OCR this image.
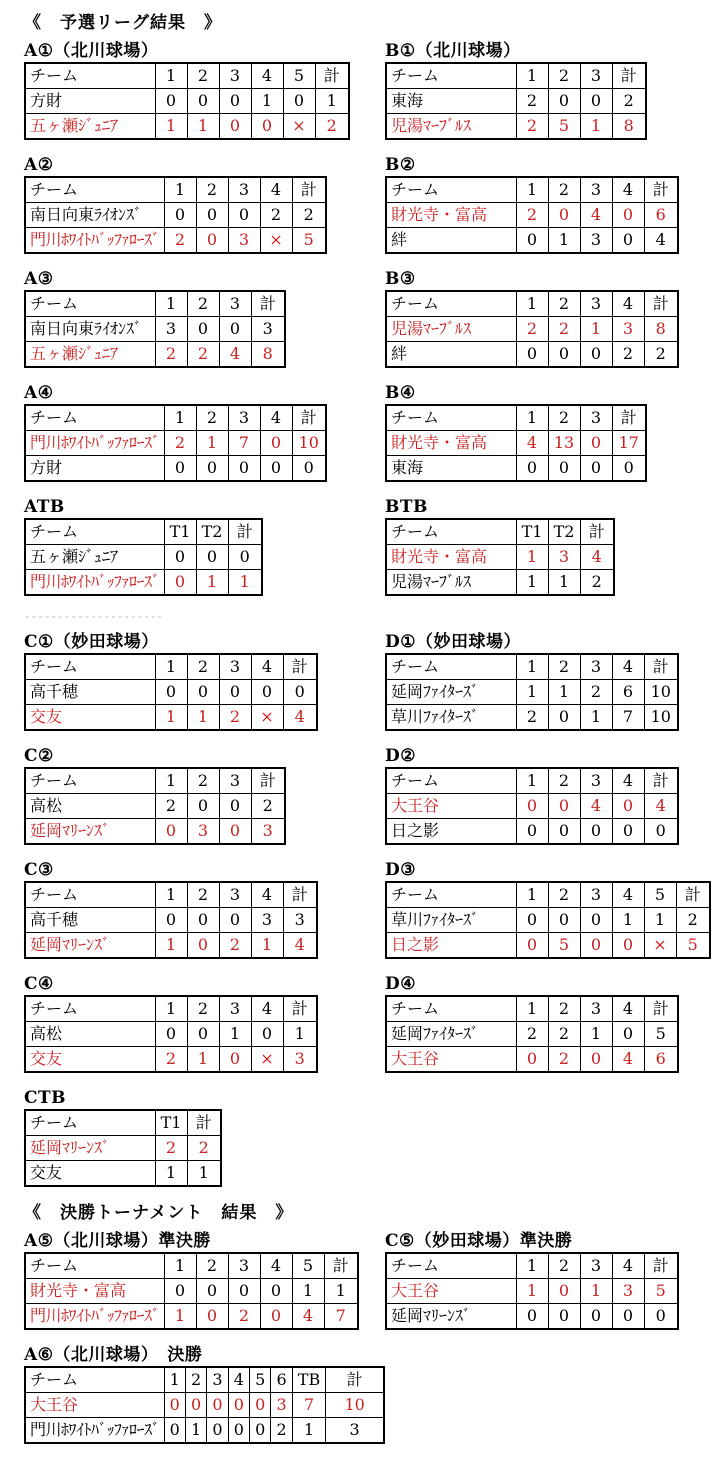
《　予選リーグ結果　》
A①（北川球場）
チーム	1	2	3	4	5	計
方財	0	0	0	1	0	1
五ヶ瀬ｼﾞｭﾆｱ	1	1	0	0	×	2
B①（北川球場）
チーム	1	2	3	計
東海	2	0	0	2
児湯ﾏｰﾌﾞﾙｽ	2	5	1	8
A②
チーム	1	2	3	4	計
南日向東ﾗｲｵﾝｽﾞ	0	0	0	2	2
門川ﾎﾜｲﾄﾊﾞｯﾌｧﾛｰｽﾞ	2	0	3	×	5
B②
チーム	1	2	3	4	計
財光寺・富高	2	0	4	0	6
絆	0	1	3	0	4
A③
チーム	1	2	3	計
南日向東ﾗｲｵﾝｽﾞ	3	0	0	3
五ヶ瀬ｼﾞｭﾆｱ	2	2	4	8
B③
チーム	1	2	3	4	計
児湯ﾏｰﾌﾞﾙｽ	2	2	1	3	8
絆	0	0	0	2	2
A④
チーム	1	2	3	4	計
門川ﾎﾜｲﾄﾊﾞｯﾌｧﾛｰｽﾞ	2	1	7	0	10
方財	0	0	0	0	0
B④
チーム	1	2	3	計
財光寺・富高	4	13	0	17
東海	0	0	0	0
ATB
チーム	T1	T2	計
五ヶ瀬ｼﾞｭﾆｱ	0	0	0
門川ﾎﾜｲﾄﾊﾞｯﾌｧﾛｰｽﾞ	0	1	1
BTB
チーム	T1	T2	計
財光寺・富高	1	3	4
児湯ﾏｰﾌﾞﾙｽ	1	1	2
---------------------
C①（妙田球場）
チーム	1	2	3	4	計
高千穂	0	0	0	0	0
交友	1	1	2	×	4
D①（妙田球場）
チーム	1	2	3	4	計
延岡ﾌｧｲﾀｰｽﾞ	1	1	2	6	10
草川ﾌｧｲﾀｰｽﾞ	2	0	1	7	10
C②
チーム	1	2	3	計
高松	2	0	0	2
延岡ﾏﾘｰﾝｽﾞ	0	3	0	3
D②
チーム	1	2	3	4	計
大王谷	0	0	4	0	4
日之影	0	0	0	0	0
C③
チーム	1	2	3	4	計
高千穂	0	0	0	3	3
延岡ﾏﾘｰﾝｽﾞ	1	0	2	1	4
D③
チーム	1	2	3	4	5	計
草川ﾌｧｲﾀｰｽﾞ	0	0	0	1	1	2
日之影	0	5	0	0	×	5
C④
チーム	1	2	3	4	計
高松	0	0	1	0	1
交友	2	1	0	×	3
D④
チーム	1	2	3	4	計
延岡ﾌｧｲﾀｰｽﾞ	2	2	1	0	5
大王谷	0	2	0	4	6
CTB
チーム	T1	計
延岡ﾏﾘｰﾝｽﾞ	2	2
交友	1	1
《　決勝トーナメント　結果　》
A⑤（北川球場）準決勝
チーム	1	2	3	4	5	計
財光寺・富高	0	0	0	0	1	1
門川ﾎﾜｲﾄﾊﾞｯﾌｧﾛｰｽﾞ	1	0	2	0	4	7
C⑤（妙田球場）準決勝
チーム	1	2	3	4	計
大王谷	1	0	1	3	5
延岡ﾏﾘｰﾝｽﾞ	0	0	0	0	0
A⑥（北川球場）　決勝
チーム	1	2	3	4	5	6	TB	計
大王谷	0	0	0	0	0	3	7	10
門川ﾎﾜｲﾄﾊﾞｯﾌｧﾛｰｽﾞ	0	1	0	0	0	2	1	3
